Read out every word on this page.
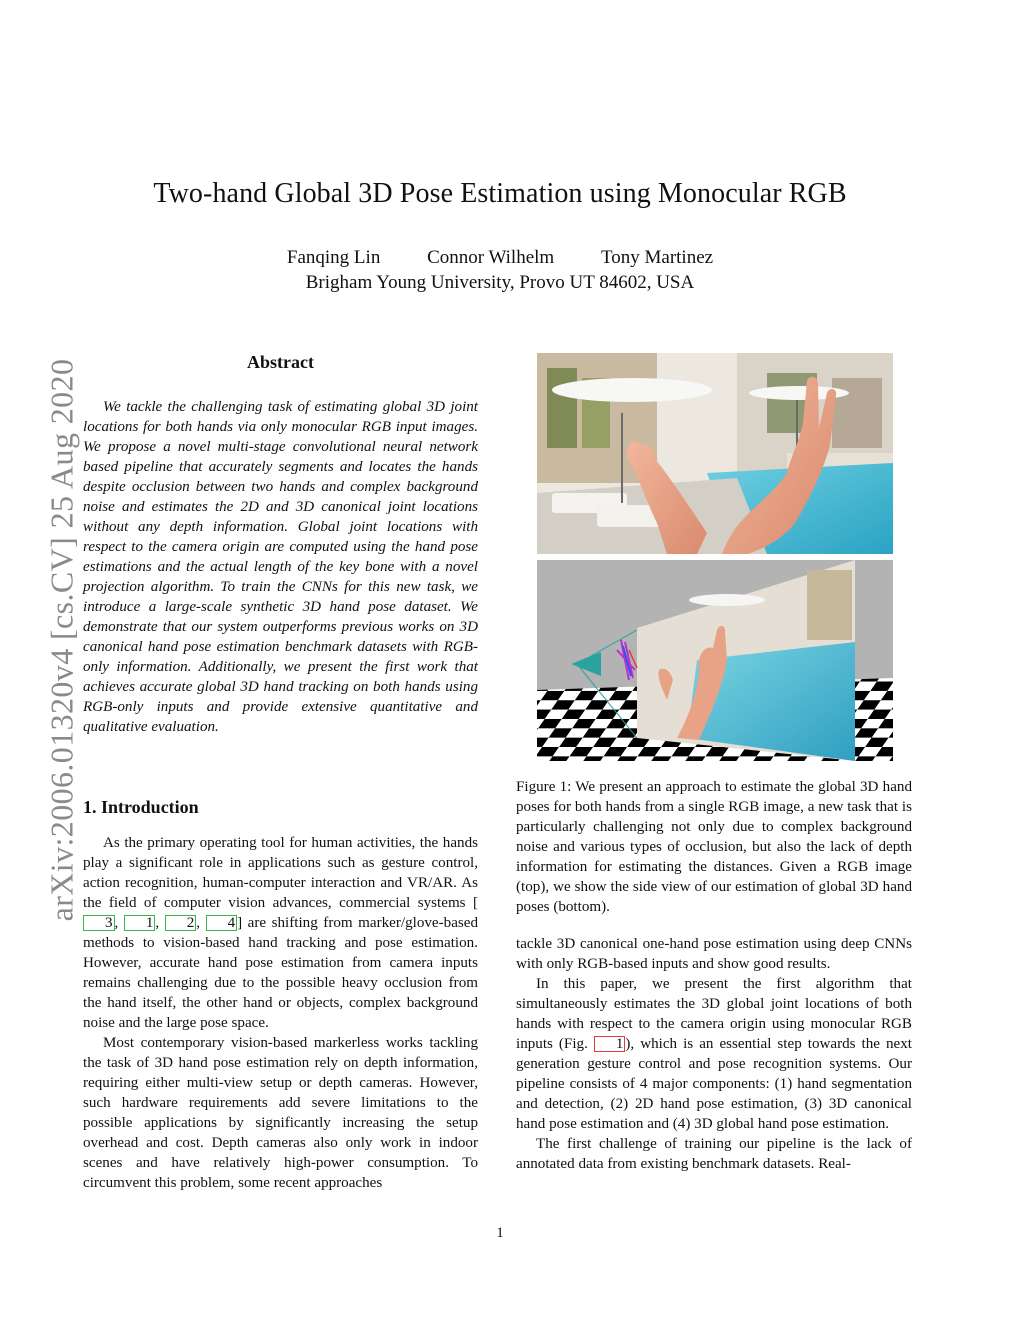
Two-hand Global 3D Pose Estimation using Monocular RGB
Fanqing Lin Connor Wilhelm Tony Martinez
Brigham Young University, Provo UT 84602, USA
arXiv:2006.01320v4 [cs.CV] 25 Aug 2020	Abstract

We tackle the challenging task of estimating global 3D joint locations for both hands via only monocular RGB input images. We propose a novel multi-stage convolutional neural network based pipeline that accurately segments and locates the hands despite occlusion between two hands and complex background noise and estimates the 2D and 3D canonical joint locations without any depth information. Global joint locations with respect to the camera origin are computed using the hand pose estimations and the actual length of the key bone with a novel projection algorithm. To train the CNNs for this new task, we introduce a large-scale synthetic 3D hand pose dataset. We demonstrate that our system outperforms previous works on 3D canonical hand pose estimation benchmark datasets with RGB-only information. Additionally, we present the first work that achieves accurate global 3D hand tracking on both hands using RGB-only inputs and provide extensive quantitative and qualitative evaluation.

1. Introduction

As the primary operating tool for human activities, the hands play a significant role in applications such as gesture control, action recognition, human-computer interaction and VR/AR. As the field of computer vision advances, commercial systems [3 , 1 , 2 , 4 ] are shifting from marker/glove-based methods to vision-based hand tracking and pose estimation. However, accurate hand pose estimation from camera inputs remains challenging due to the possible heavy occlusion from the hand itself, the other hand or objects, complex background noise and the large pose space.

Most contemporary vision-based markerless works tackling the task of 3D hand pose estimation rely on depth information, requiring either multi-view setup or depth cameras. However, such hardware requirements add severe limitations to the possible applications by significantly increasing the setup overhead and cost. Depth cameras also only work in indoor scenes and have relatively high-power consumption. To circumvent this problem, some recent approaches

Figure 1: We present an approach to estimate the global 3D hand poses for both hands from a single RGB image, a new task that is particularly challenging not only due to complex background noise and various types of occlusion, but also the lack of depth information for estimating the distances. Given a RGB image (top), we show the side view of our estimation of global 3D hand poses (bottom).

tackle 3D canonical one-hand pose estimation using deep CNNs with only RGB-based inputs and show good results.

In this paper, we present the first algorithm that simultaneously estimates the 3D global joint locations of both hands with respect to the camera origin using monocular RGB inputs (Fig. 1 ), which is an essential step towards the next generation gesture control and pose recognition systems. Our pipeline consists of 4 major components: (1) hand segmentation and detection, (2) 2D hand pose estimation, (3) 3D canonical hand pose estimation and (4) 3D global hand pose estimation.

The first challenge of training our pipeline is the lack of annotated data from existing benchmark datasets. Real-

1
